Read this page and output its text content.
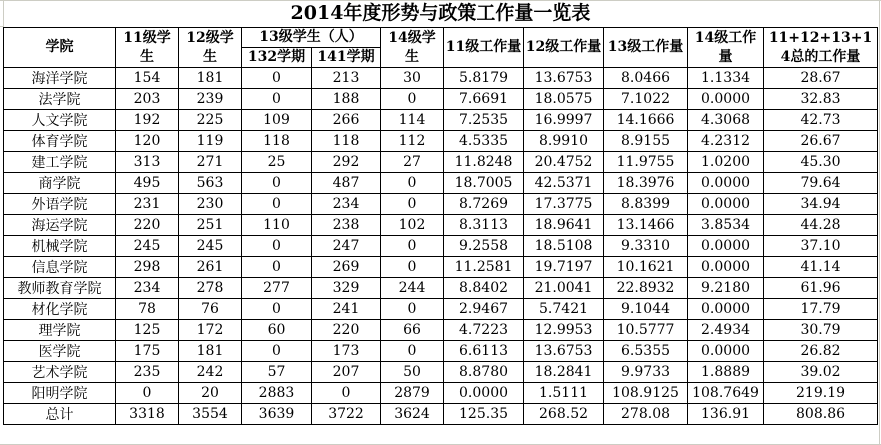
2014年度形势与政策工作量一览表
学院	11级学生	12级学生	13级学生（人）		14级学生	11级工作量	12级工作量	13级工作量	14级工作量	11+12+13+14总的工作量
			132学期	141学期						
海洋学院	154	181	0	213	30	5.8179	13.6753	8.0466	1.1334	28.67
法学院	203	239	0	188	0	7.6691	18.0575	7.1022	0.0000	32.83
人文学院	192	225	109	266	114	7.2535	16.9997	14.1666	4.3068	42.73
体育学院	120	119	118	118	112	4.5335	8.9910	8.9155	4.2312	26.67
建工学院	313	271	25	292	27	11.8248	20.4752	11.9755	1.0200	45.30
商学院	495	563	0	487	0	18.7005	42.5371	18.3976	0.0000	79.64
外语学院	231	230	0	234	0	8.7269	17.3775	8.8399	0.0000	34.94
海运学院	220	251	110	238	102	8.3113	18.9641	13.1466	3.8534	44.28
机械学院	245	245	0	247	0	9.2558	18.5108	9.3310	0.0000	37.10
信息学院	298	261	0	269	0	11.2581	19.7197	10.1621	0.0000	41.14
教师教育学院	234	278	277	329	244	8.8402	21.0041	22.8932	9.2180	61.96
材化学院	78	76	0	241	0	2.9467	5.7421	9.1044	0.0000	17.79
理学院	125	172	60	220	66	4.7223	12.9953	10.5777	2.4934	30.79
医学院	175	181	0	173	0	6.6113	13.6753	6.5355	0.0000	26.82
艺术学院	235	242	57	207	50	8.8780	18.2841	9.9733	1.8889	39.02
阳明学院	0	20	2883	0	2879	0.0000	1.5111	108.9125	108.7649	219.19
总计	3318	3554	3639	3722	3624	125.35	268.52	278.08	136.91	808.86
